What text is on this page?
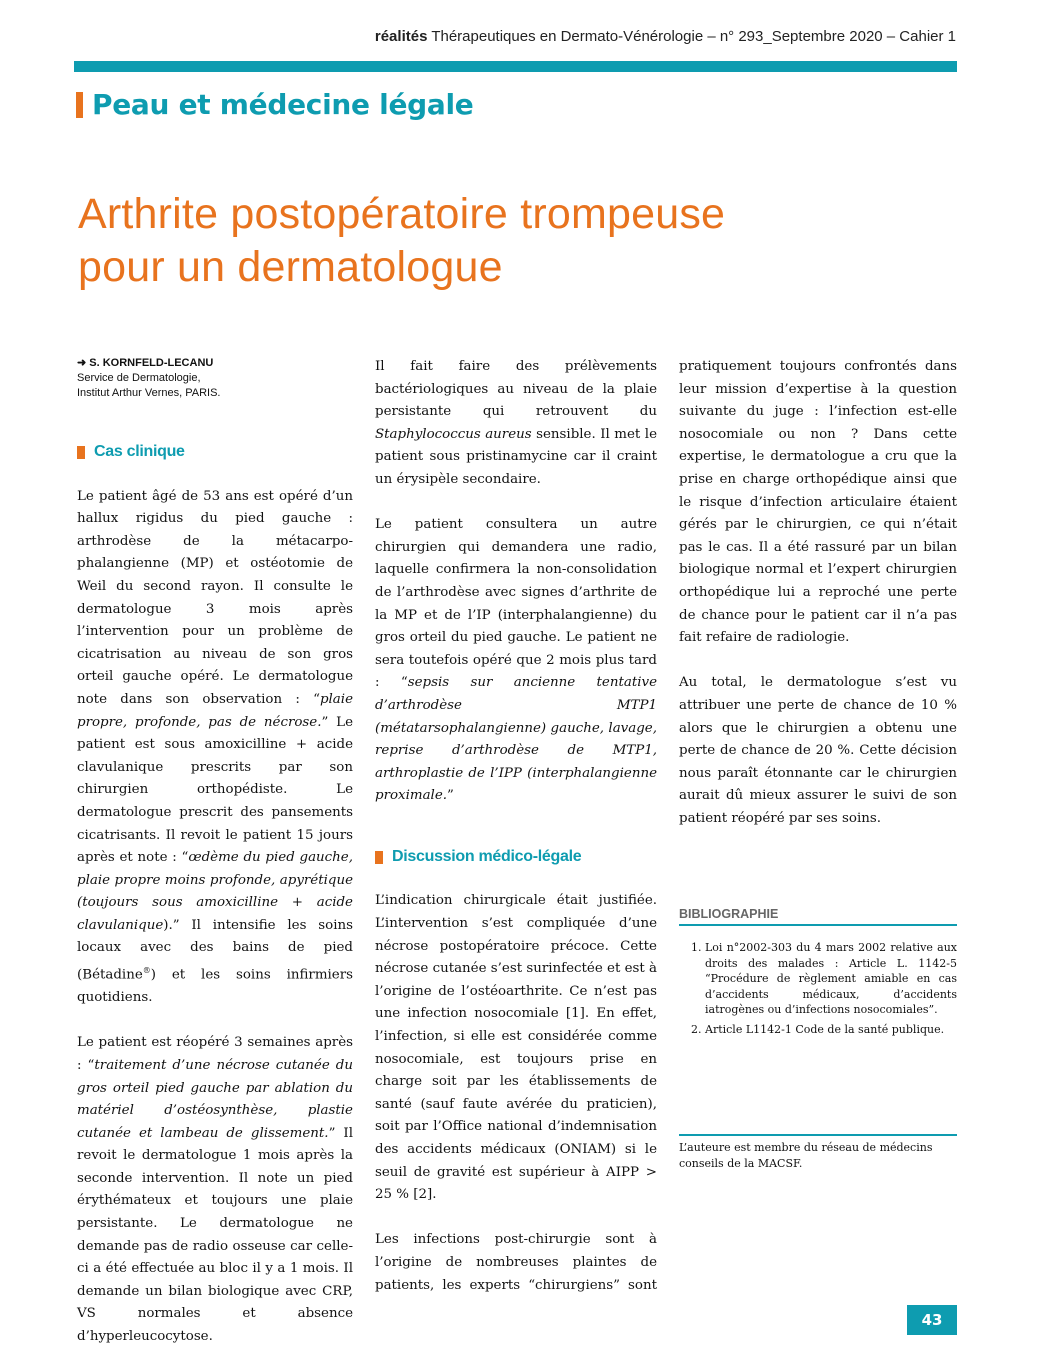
réalités Thérapeutiques en Dermato-Vénérologie – n° 293_Septembre 2020 – Cahier 1
Peau et médecine légale
Arthrite postopératoire trompeuse
pour un dermatologue
➜ S. KORNFELD-LECANU
Service de Dermatologie,
Institut Arthur Vernes, PARIS.
Cas clinique

Le patient âgé de 53 ans est opéré d’un hallux rigidus du pied gauche : arthrodèse de la métacarpo-phalangienne (MP) et ostéotomie de Weil du second rayon. Il consulte le dermatologue 3 mois après l’intervention pour un problème de cicatrisation au niveau de son gros orteil gauche opéré. Le dermatologue note dans son observation : “plaie propre, profonde, pas de nécrose.” Le patient est sous amoxicilline + acide clavulanique prescrits par son chirurgien orthopédiste. Le dermatologue prescrit des pansements cicatrisants. Il revoit le patient 15 jours après et note : “œdème du pied gauche, plaie propre moins profonde, apyrétique (toujours sous amoxicilline + acide clavulanique).” Il intensifie les soins locaux avec des bains de pied (Bétadine®) et les soins infirmiers quotidiens.

Le patient est réopéré 3 semaines après : “traitement d’une nécrose cutanée du gros orteil pied gauche par ablation du matériel d’ostéosynthèse, plastie cutanée et lambeau de glissement.” Il revoit le dermatologue 1 mois après la seconde intervention. Il note un pied érythémateux et toujours une plaie persistante. Le dermatologue ne demande pas de radio osseuse car celle-ci a été effectuée au bloc il y a 1 mois. Il demande un bilan biologique avec CRP, VS normales et absence d’hyperleucocytose.

Il fait faire des prélèvements bactériologiques au niveau de la plaie persistante qui retrouvent du Staphylococcus aureus sensible. Il met le patient sous pristinamycine car il craint un érysipèle secondaire.

Le patient consultera un autre chirurgien qui demandera une radio, laquelle confirmera la non-consolidation de l’arthrodèse avec signes d’arthrite de la MP et de l’IP (interphalangienne) du gros orteil du pied gauche. Le patient ne sera toutefois opéré que 2 mois plus tard : “sepsis sur ancienne tentative d’arthrodèse MTP1 (métatarsophalangienne) gauche, lavage, reprise d’arthrodèse de MTP1, arthroplastie de l’IPP (interphalangienne proximale.”

Discussion médico-légale

L’indication chirurgicale était justifiée. L’intervention s’est compliquée d’une nécrose postopératoire précoce. Cette nécrose cutanée s’est surinfectée et est à l’origine de l’ostéoarthrite. Ce n’est pas une infection nosocomiale [1]. En effet, l’infection, si elle est considérée comme nosocomiale, est toujours prise en charge soit par les établissements de santé (sauf faute avérée du praticien), soit par l’Office national d’indemnisation des accidents médicaux (ONIAM) si le seuil de gravité est supérieur à AIPP > 25 % [2].

Les infections post-chirurgie sont à l’origine de nombreuses plaintes de patients, les experts “chirurgiens” sont

pratiquement toujours confrontés dans leur mission d’expertise à la question suivante du juge : l’infection est-elle nosocomiale ou non ? Dans cette expertise, le dermatologue a cru que la prise en charge orthopédique ainsi que le risque d’infection articulaire étaient gérés par le chirurgien, ce qui n’était pas le cas. Il a été rassuré par un bilan biologique normal et l’expert chirurgien orthopédique lui a reproché une perte de chance pour le patient car il n’a pas fait refaire de radiologie.

Au total, le dermatologue s’est vu attribuer une perte de chance de 10 % alors que le chirurgien a obtenu une perte de chance de 20 %. Cette décision nous paraît étonnante car le chirurgien aurait dû mieux assurer le suivi de son patient réopéré par ses soins.

BIBLIOGRAPHIE
1. Loi n°2002-303 du 4 mars 2002 relative aux droits des malades : Article L. 1142-5 “Procédure de règlement amiable en cas d’accidents médicaux, d’accidents iatrogènes ou d’infections nosocomiales”.
2. Article L1142-1 Code de la santé publique.
L’auteure est membre du réseau de médecins conseils de la MACSF.
43
